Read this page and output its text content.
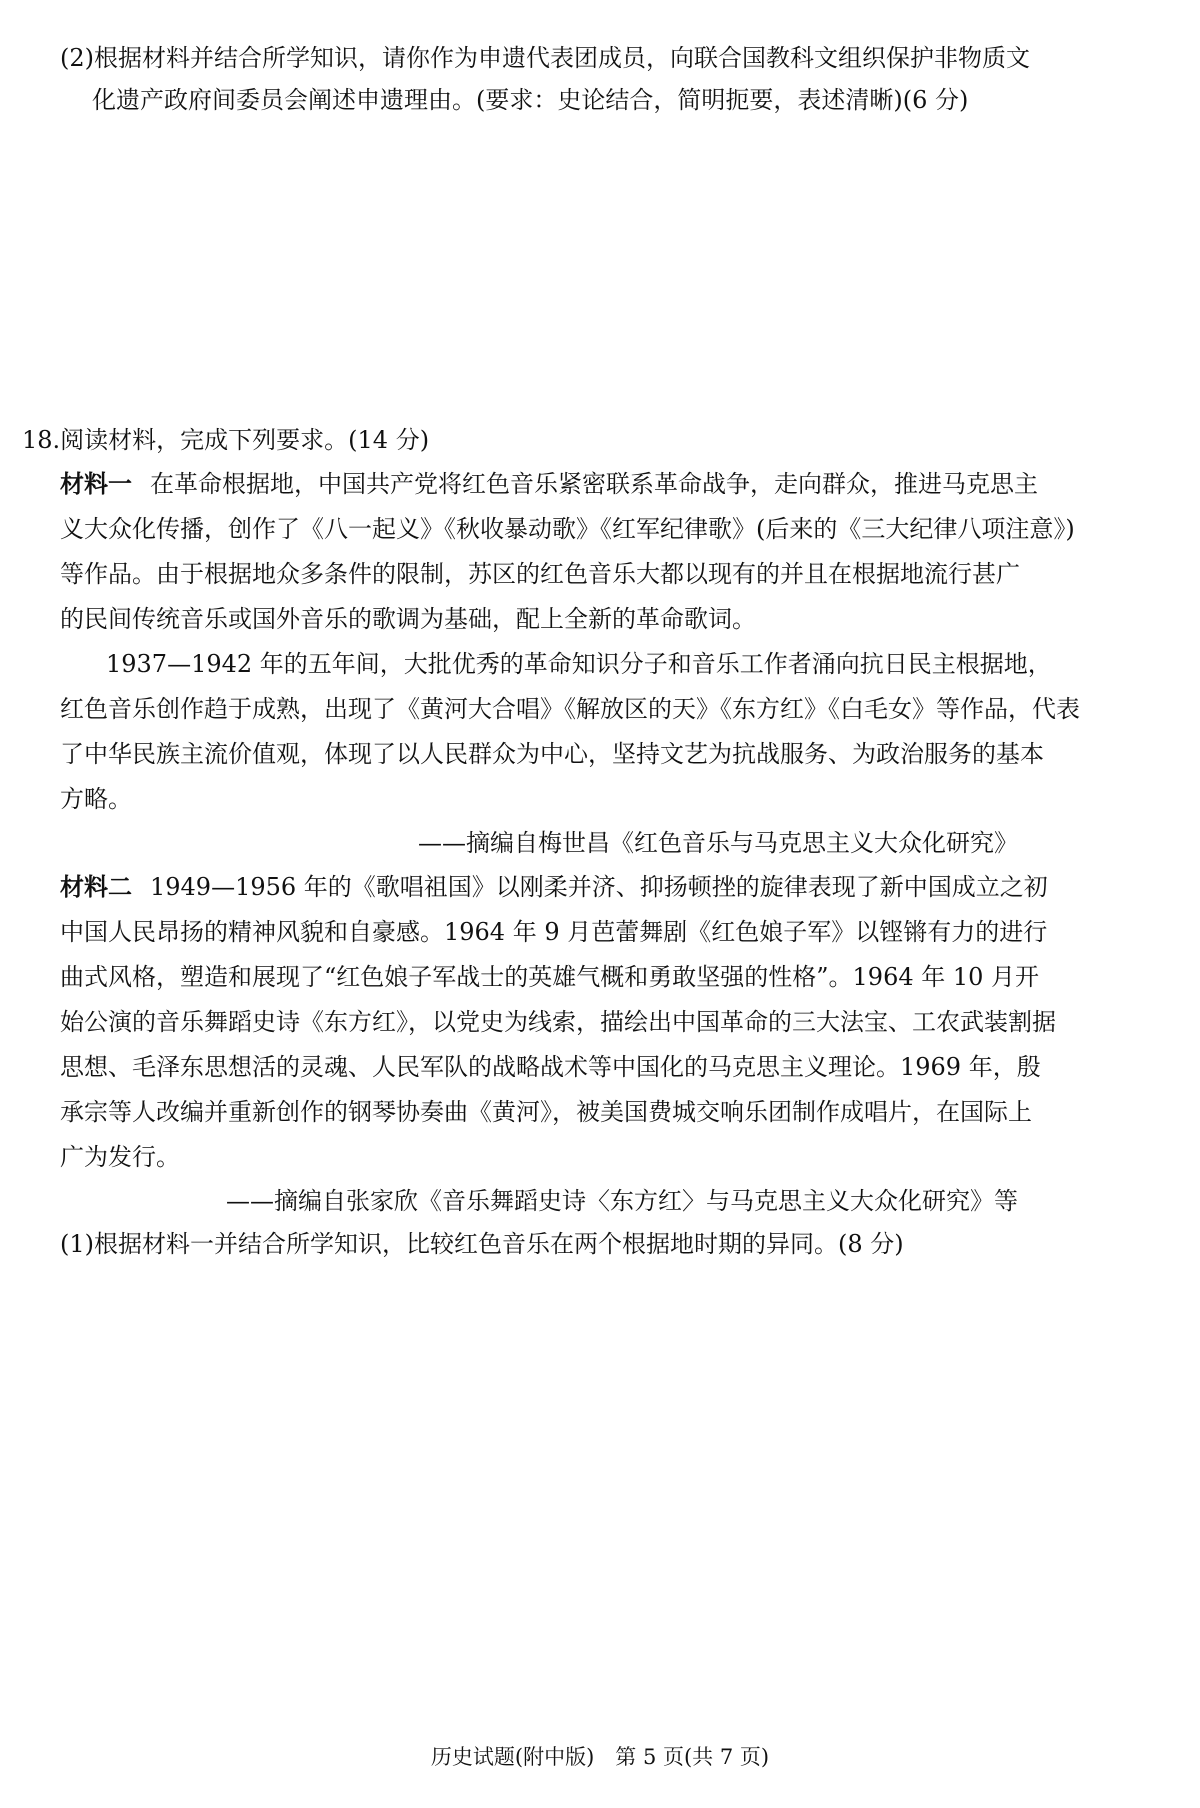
(2)根据材料并结合所学知识，请你作为申遗代表团成员，向联合国教科文组织保护非物质文
化遗产政府间委员会阐述申遗理由。(要求：史论结合，简明扼要，表述清晰)(6 分)
18.阅读材料，完成下列要求。(14 分)
材料一 在革命根据地，中国共产党将红色音乐紧密联系革命战争，走向群众，推进马克思主
义大众化传播，创作了《八一起义》《秋收暴动歌》《红军纪律歌》(后来的《三大纪律八项注意》)
等作品。由于根据地众多条件的限制，苏区的红色音乐大都以现有的并且在根据地流行甚广
的民间传统音乐或国外音乐的歌调为基础，配上全新的革命歌词。
1937—1942 年的五年间，大批优秀的革命知识分子和音乐工作者涌向抗日民主根据地，
红色音乐创作趋于成熟，出现了《黄河大合唱》《解放区的天》《东方红》《白毛女》等作品，代表
了中华民族主流价值观，体现了以人民群众为中心，坚持文艺为抗战服务、为政治服务的基本
方略。
——摘编自梅世昌《红色音乐与马克思主义大众化研究》
材料二 1949—1956 年的《歌唱祖国》以刚柔并济、抑扬顿挫的旋律表现了新中国成立之初
中国人民昂扬的精神风貌和自豪感。1964 年 9 月芭蕾舞剧《红色娘子军》以铿锵有力的进行
曲式风格，塑造和展现了“红色娘子军战士的英雄气概和勇敢坚强的性格”。1964 年 10 月开
始公演的音乐舞蹈史诗《东方红》，以党史为线索，描绘出中国革命的三大法宝、工农武装割据
思想、毛泽东思想活的灵魂、人民军队的战略战术等中国化的马克思主义理论。1969 年，殷
承宗等人改编并重新创作的钢琴协奏曲《黄河》，被美国费城交响乐团制作成唱片，在国际上
广为发行。
——摘编自张家欣《音乐舞蹈史诗〈东方红〉与马克思主义大众化研究》等
(1)根据材料一并结合所学知识，比较红色音乐在两个根据地时期的异同。(8 分)
历史试题(附中版)　第 5 页(共 7 页)
